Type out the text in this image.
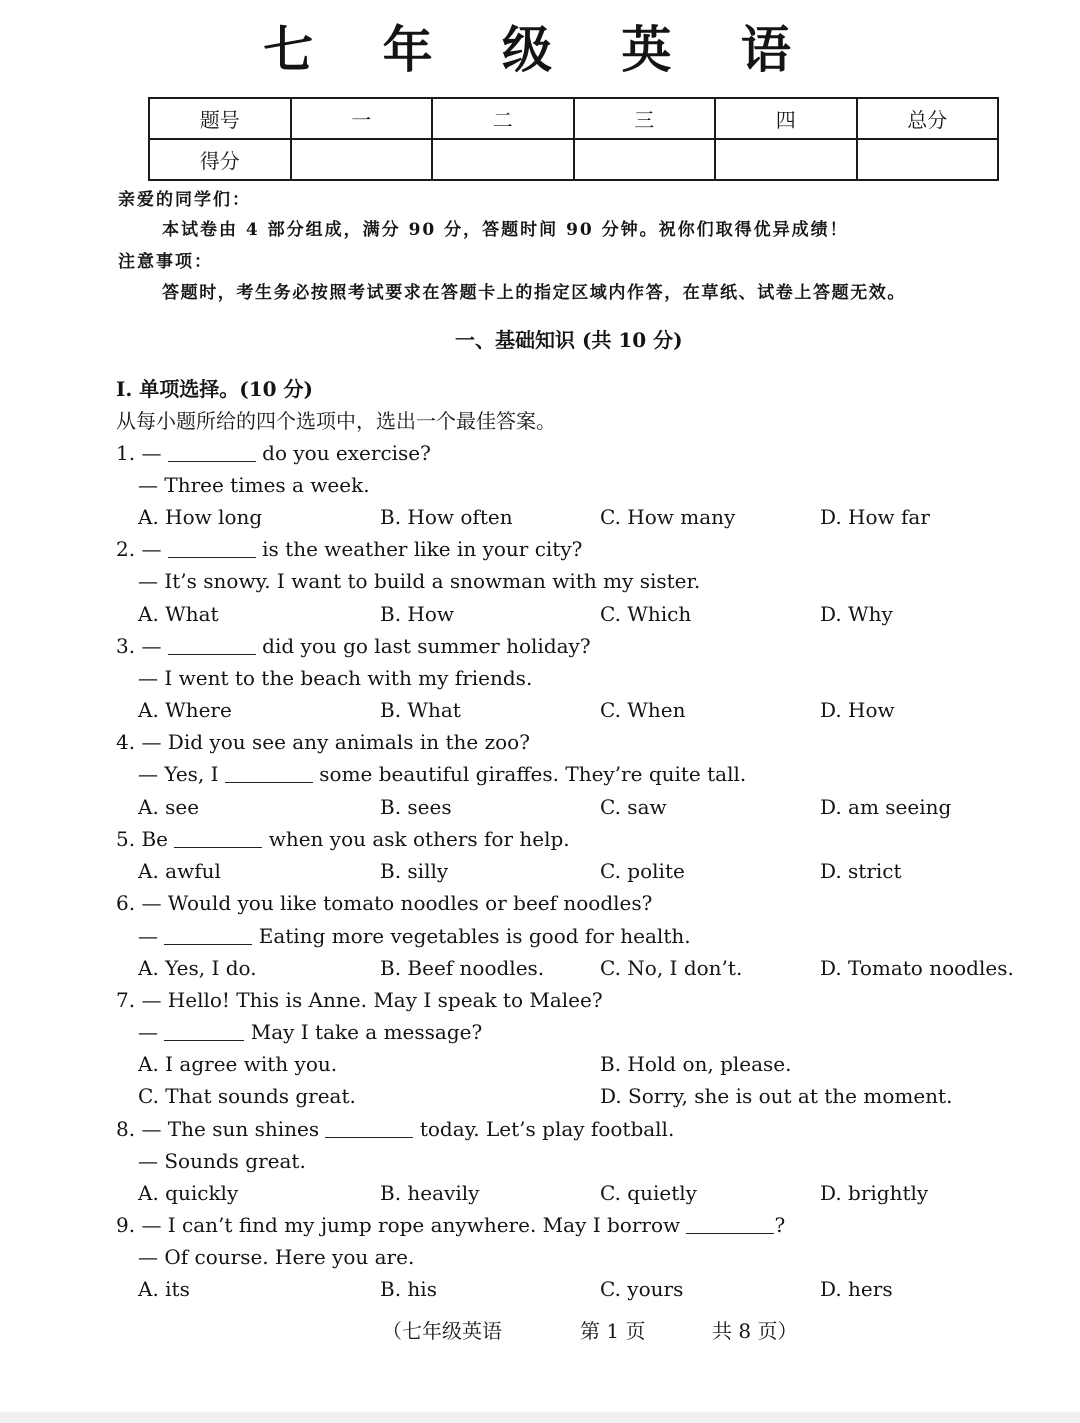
七 年 级 英 语
题号	一	二	三	四	总分
得分					
亲爱的同学们：
本试卷由 4 部分组成，满分 90 分，答题时间 90 分钟。祝你们取得优异成绩！
注意事项：
答题时，考生务必按照考试要求在答题卡上的指定区域内作答，在草纸、试卷上答题无效。
一、基础知识 (共 10 分)
I. 单项选择。(10 分)
从每小题所给的四个选项中，选出一个最佳答案。
1. —	do you exercise?
— Three times a week.
A. How long	B. How often	C. How many	D. How far
2. —	is the weather like in your city?
— It’s snowy. I want to build a snowman with my sister.
A. What	B. How	C. Which	D. Why
3. —	did you go last summer holiday?
— I went to the beach with my friends.
A. Where	B. What	C. When	D. How
4. — Did you see any animals in the zoo?
— Yes, I	some beautiful giraffes. They’re quite tall.
A. see	B. sees	C. saw	D. am seeing
5. Be	when you ask others for help.
A. awful	B. silly	C. polite	D. strict
6. — Would you like tomato noodles or beef noodles?
—	Eating more vegetables is good for health.
A. Yes, I do.	B. Beef noodles.	C. No, I don’t.	D. Tomato noodles.
7. — Hello! This is Anne. May I speak to Malee?
—	May I take a message?
A. I agree with you.	B. Hold on, please.
C. That sounds great.	D. Sorry, she is out at the moment.
8. — The sun shines	today. Let’s play football.
— Sounds great.
A. quickly	B. heavily	C. quietly	D. brightly
9. — I can’t find my jump rope anywhere. May I borrow	?
— Of course. Here you are.
A. its	B. his	C. yours	D. hers
（七年级英语	第 1 页	共 8 页）
